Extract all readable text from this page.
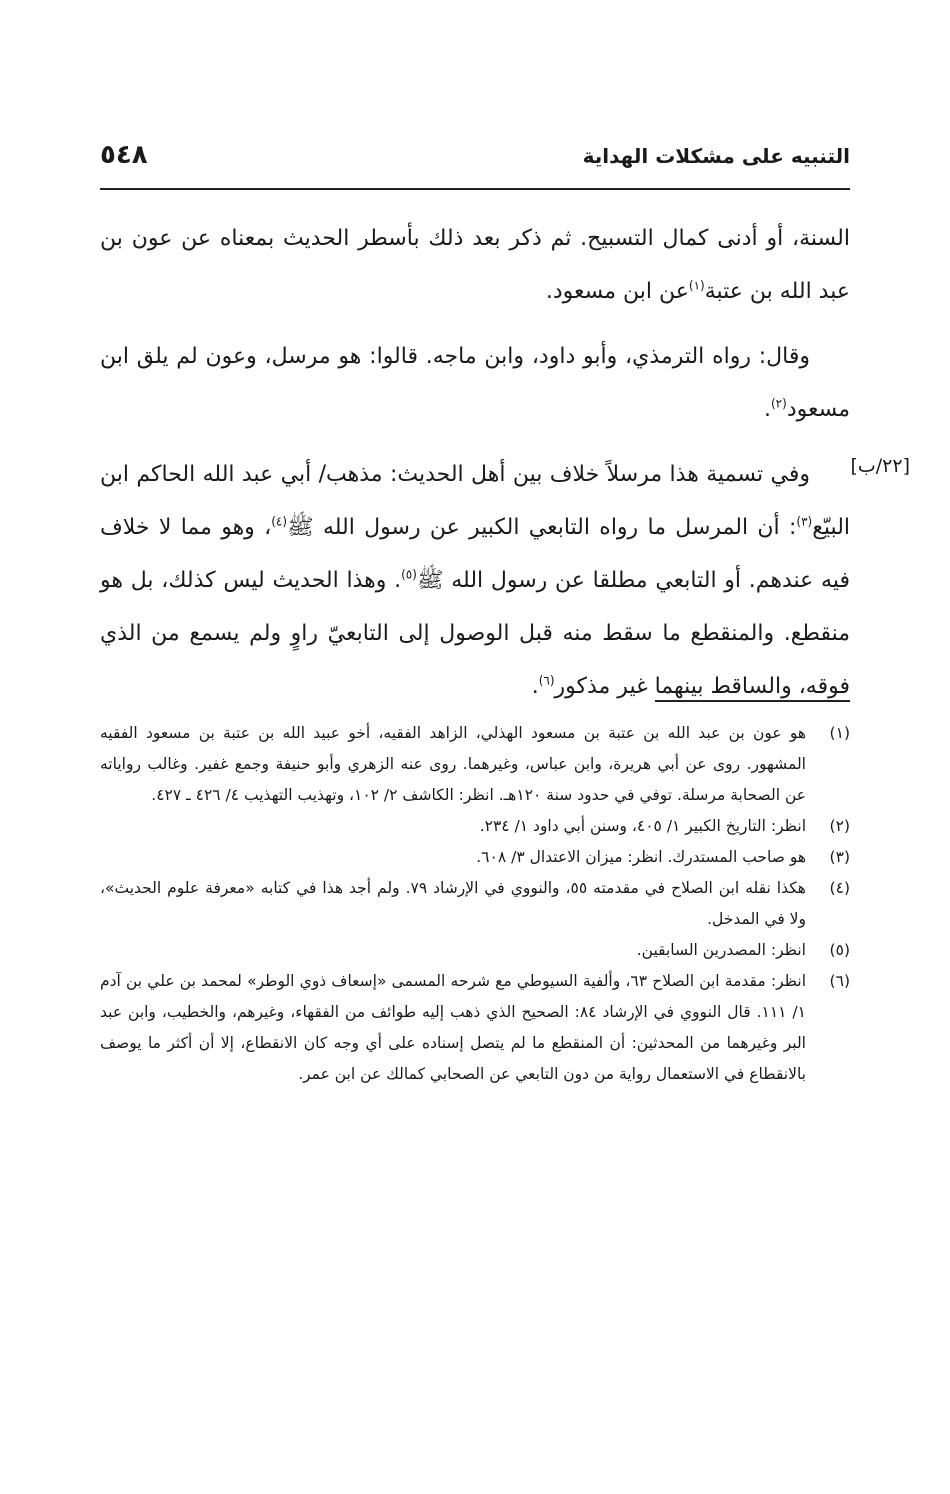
٥٤٨	التنبيه على مشكلات الهداية
[٢٢/ب]

السنة، أو أدنى كمال التسبيح. ثم ذكر بعد ذلك بأسطر الحديث بمعناه عن عون بن عبد الله بن عتبة$^{(١)}$عن ابن مسعود.

وقال: رواه الترمذي، وأبو داود، وابن ماجه. قالوا: هو مرسل، وعون لم يلق ابن مسعود$^{(٢)}$.

وفي تسمية هذا مرسلاً خلاف بين أهل الحديث: مذهب/ أبي عبد الله الحاكم ابن البيّع$^{(٣)}$: أن المرسل ما رواه التابعي الكبير عن رسول الله ﷺ$^{(٤)}$، وهو مما لا خلاف فيه عندهم. أو التابعي مطلقا عن رسول الله ﷺ$^{(٥)}$. وهذا الحديث ليس كذلك، بل هو منقطع. والمنقطع ما سقط منه قبل الوصول إلى التابعيّ راوٍ ولم يسمع من الذي فوقه، والساقط بينهما غير مذكور$^{(٦)}$.

(١)
هو عون بن عبد الله بن عتبة بن مسعود الهذلي، الزاهد الفقيه، أخو عبيد الله بن عتبة بن مسعود الفقيه المشهور. روى عن أبي هريرة، وابن عباس، وغيرهما. روى عنه الزهري وأبو حنيفة وجمع غفير. وغالب رواياته عن الصحابة مرسلة. توفي في حدود سنة ١٢٠هـ. انظر: الكاشف ٢/ ١٠٢، وتهذيب التهذيب ٤/ ٤٢٦ ـ ٤٢٧.

(٢)
انظر: التاريخ الكبير ١/ ٤٠٥، وسنن أبي داود ١/ ٢٣٤.

(٣)
هو صاحب المستدرك. انظر: ميزان الاعتدال ٣/ ٦٠٨.

(٤)
هكذا نقله ابن الصلاح في مقدمته ٥٥، والنووي في الإرشاد ٧٩. ولم أجد هذا في كتابه «معرفة علوم الحديث»، ولا في المدخل.

(٥)
انظر: المصدرين السابقين.

(٦)
انظر: مقدمة ابن الصلاح ٦٣، وألفية السيوطي مع شرحه المسمى «إسعاف ذوي الوطر» لمحمد بن علي بن آدم ١/ ١١١. قال النووي في الإرشاد ٨٤: الصحيح الذي ذهب إليه طوائف من الفقهاء، وغيرهم، والخطيب، وابن عبد البر وغيرهما من المحدثين: أن المنقطع ما لم يتصل إسناده على أي وجه كان الانقطاع، إلا أن أكثر ما يوصف بالانقطاع في الاستعمال رواية من دون التابعي عن الصحابي كمالك عن ابن عمر.
